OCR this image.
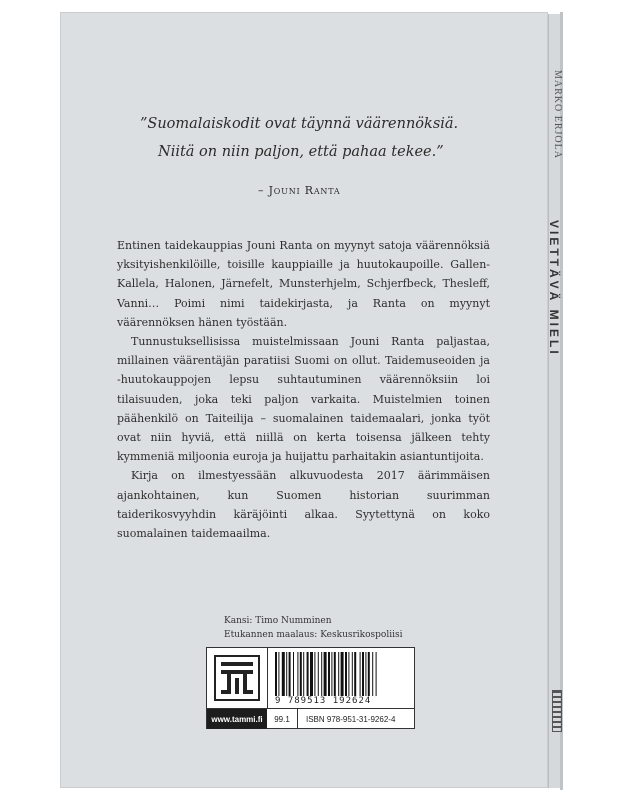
MARKO ERJOLA
VIETTÄVÄ MIELI
”Suomalaiskodit ovat täynnä väärennöksiä.
Niitä on niin paljon, että pahaa tekee.”
– Jouni Ranta

Entinen taidekauppias Jouni Ranta on myynyt satoja väärennöksiä yksityishenkilöille, toisille kauppiaille ja huutokaupoille. Gallen-Kallela, Halonen, Järnefelt, Munsterhjelm, Schjerfbeck, Thesleff, Vanni… Poimi nimi taidekirjasta, ja Ranta on myynyt väärennöksen hänen työstään.

Tunnustuksellisissa muistelmissaan Jouni Ranta paljastaa, millainen väärentäjän paratiisi Suomi on ollut. Taidemuseoiden ja -huutokauppojen lepsu suhtautuminen väärennöksiin loi tilaisuuden, joka teki paljon varkaita. Muistelmien toinen päähenkilö on Taiteilija – suomalainen taidemaalari, jonka työt ovat niin hyviä, että niillä on kerta toisensa jälkeen tehty kymmeniä miljoonia euroja ja huijattu parhaitakin asiantuntijoita.

Kirja on ilmestyessään alkuvuodesta 2017 äärimmäisen ajankohtainen, kun Suomen historian suurimman taiderikosvyyhdin käräjöinti alkaa. Syytettynä on koko suomalainen taidemaailma.

Kansi: Timo Numminen
Etukannen maalaus: Keskusrikospoliisi
9 789513 192624
www.tammi.fi	99.1	ISBN 978-951-31-9262-4
